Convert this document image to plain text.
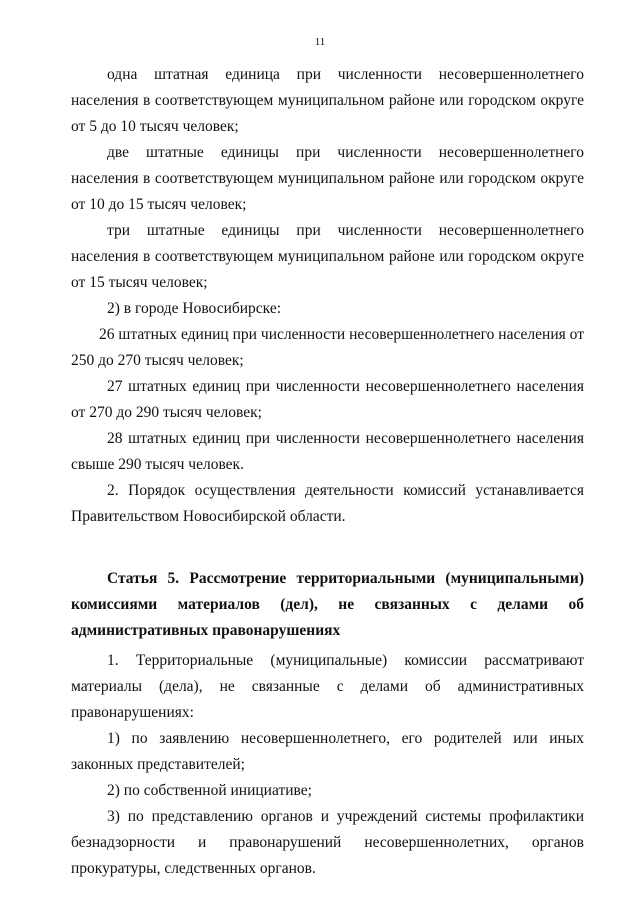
11

одна штатная единица при численности несовершеннолетнего населения в соответствующем муниципальном районе или городском округе от 5 до 10 тысяч человек;

две штатные единицы при численности несовершеннолетнего населения в соответствующем муниципальном районе или городском округе от 10 до 15 тысяч человек;

три штатные единицы при численности несовершеннолетнего населения в соответствующем муниципальном районе или городском округе от 15 тысяч человек;

2) в городе Новосибирске:

26 штатных единиц при численности несовершеннолетнего населения от 250 до 270 тысяч человек;

27 штатных единиц при численности несовершеннолетнего населения от 270 до 290 тысяч человек;

28 штатных единиц при численности несовершеннолетнего населения свыше 290 тысяч человек.

2. Порядок осуществления деятельности комиссий устанавливается Правительством Новосибирской области.

Статья 5. Рассмотрение территориальными (муниципальными)
комиссиями материалов (дел), не связанных с делами об административных правонарушениях

1. Территориальные (муниципальные) комиссии рассматривают материалы (дела), не связанные с делами об административных правонарушениях:

1) по заявлению несовершеннолетнего, его родителей или иных законных представителей;

2) по собственной инициативе;

3) по представлению органов и учреждений системы профилактики безнадзорности и правонарушений несовершеннолетних, органов прокуратуры, следственных органов.
